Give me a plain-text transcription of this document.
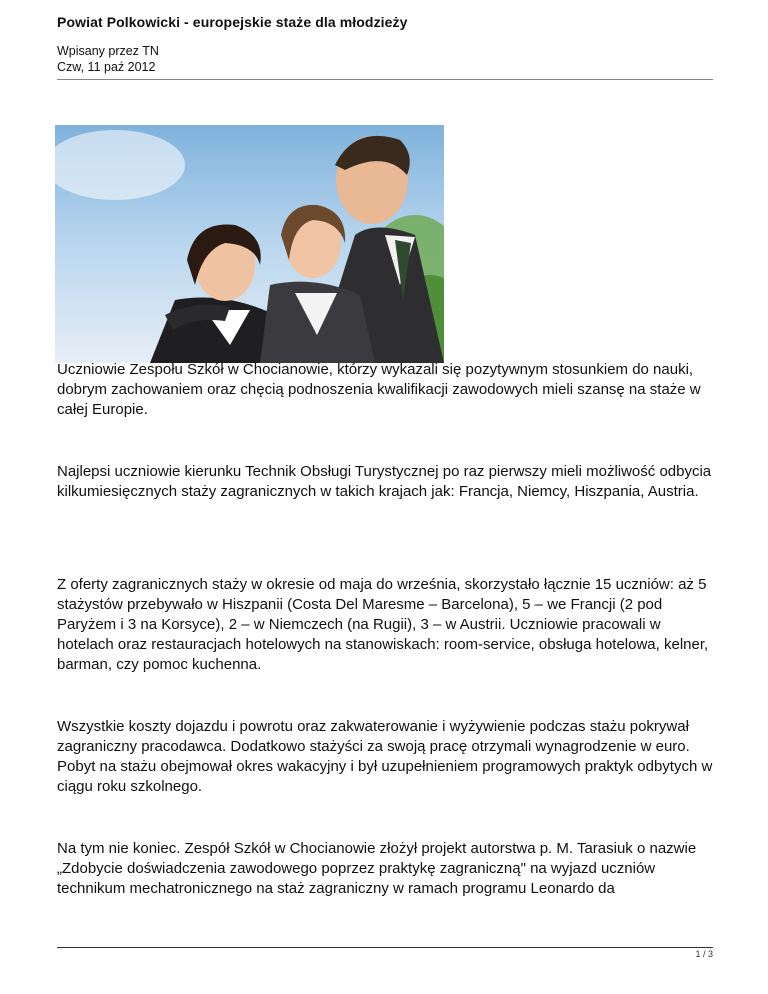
Powiat Polkowicki - europejskie staże dla młodzieży
Wpisany przez TN
Czw, 11 paź 2012

Uczniowie Zespołu Szkół w Chocianowie, którzy wykazali się pozytywnym stosunkiem do nauki, dobrym zachowaniem oraz chęcią podnoszenia kwalifikacji zawodowych mieli szansę na staże w całej Europie.

Najlepsi uczniowie kierunku Technik Obsługi Turystycznej po raz pierwszy mieli możliwość odbycia kilkumiesięcznych staży zagranicznych w takich krajach jak: Francja, Niemcy, Hiszpania, Austria.

Z oferty zagranicznych staży w okresie od maja do września, skorzystało łącznie 15 uczniów: aż 5 stażystów przebywało w Hiszpanii (Costa Del Maresme – Barcelona), 5 – we Francji (2 pod Paryżem i 3 na Korsyce), 2 – w Niemczech (na Rugii), 3 – w Austrii. Uczniowie pracowali w hotelach oraz restauracjach hotelowych na stanowiskach: room-service, obsługa hotelowa, kelner, barman, czy pomoc kuchenna.

Wszystkie koszty dojazdu i powrotu oraz zakwaterowanie i wyżywienie podczas stażu pokrywał zagraniczny pracodawca. Dodatkowo stażyści za swoją pracę otrzymali wynagrodzenie w euro. Pobyt na stażu obejmował okres wakacyjny i był uzupełnieniem programowych praktyk odbytych w ciągu roku szkolnego.

Na tym nie koniec. Zespół Szkół w Chocianowie złożył projekt autorstwa p. M. Tarasiuk o nazwie „Zdobycie doświadczenia zawodowego poprzez praktykę zagraniczną" na wyjazd uczniów technikum mechatronicznego na staż zagraniczny w ramach programu Leonardo da

1 / 3
